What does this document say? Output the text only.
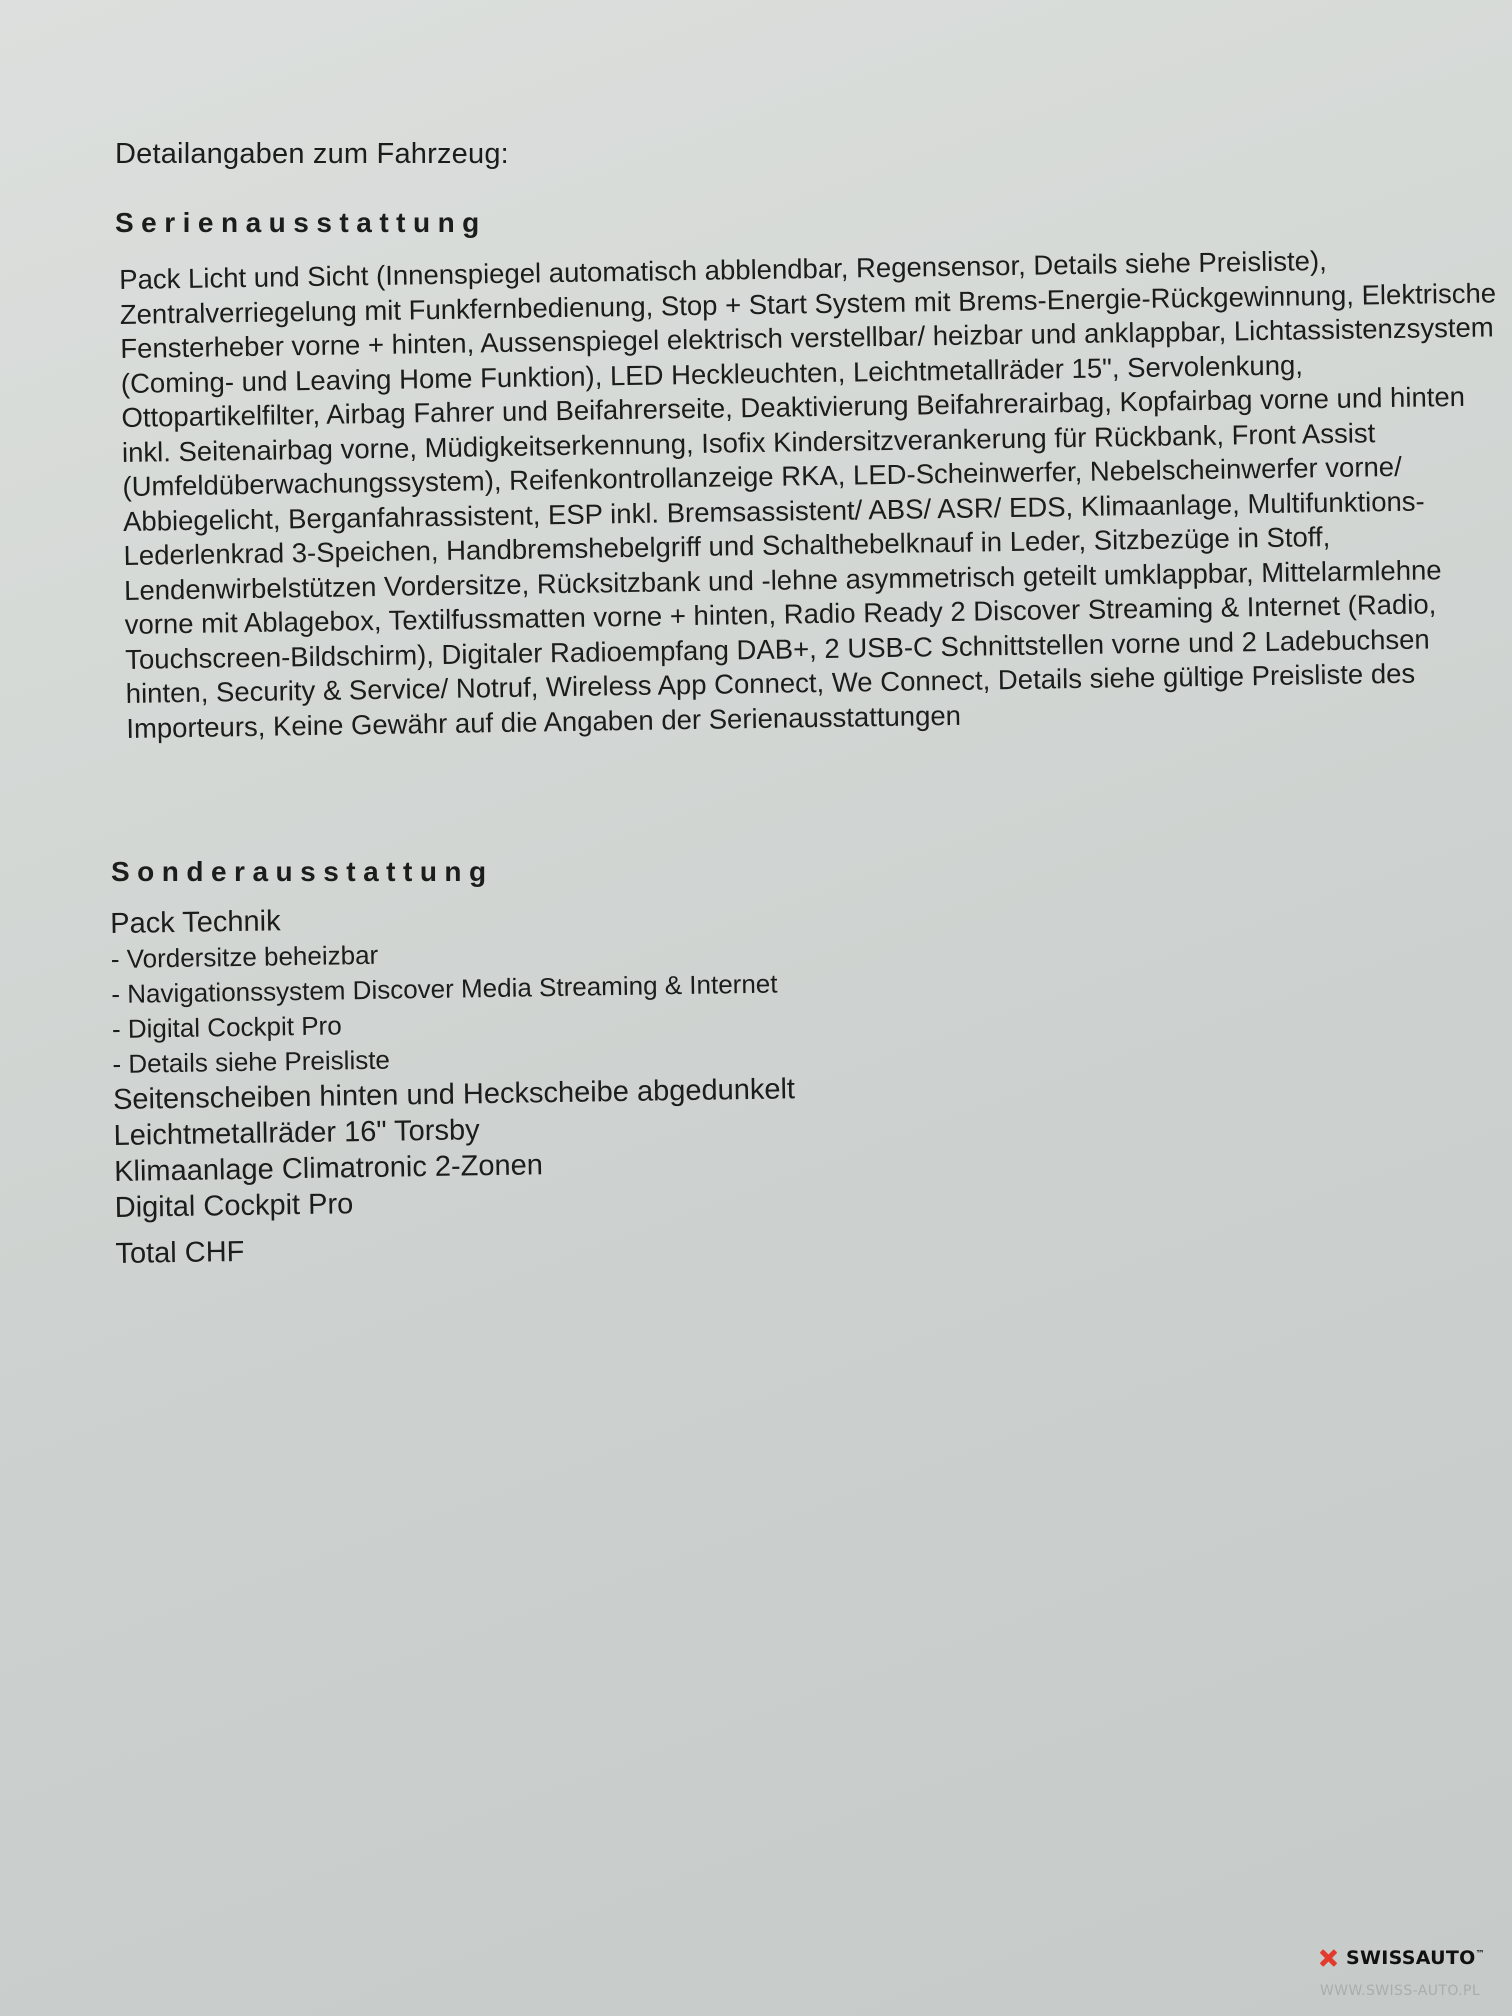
Detailangaben zum Fahrzeug:

Serienausstattung

Pack Licht und Sicht (Innenspiegel automatisch abblendbar, Regensensor, Details siehe Preisliste), Zentralverriegelung mit Funkfernbedienung, Stop + Start System mit Brems-Energie-Rückgewinnung, Elektrische Fensterheber vorne + hinten, Aussenspiegel elektrisch verstellbar/ heizbar und anklappbar, Lichtassistenzsystem (Coming- und Leaving Home Funktion), LED Heckleuchten, Leichtmetallräder 15", Servolenkung, Ottopartikelfilter, Airbag Fahrer und Beifahrerseite, Deaktivierung Beifahrerairbag, Kopfairbag vorne und hinten inkl. Seitenairbag vorne, Müdigkeitserkennung, Isofix Kindersitzverankerung für Rückbank, Front Assist (Umfeldüberwachungssystem), Reifenkontrollanzeige RKA, LED-Scheinwerfer, Nebelscheinwerfer vorne/ Abbiegelicht, Berganfahrassistent, ESP inkl. Bremsassistent/ ABS/ ASR/ EDS, Klimaanlage, Multifunktions-Lederlenkrad 3-Speichen, Handbremshebelgriff und Schalthebelknauf in Leder, Sitzbezüge in Stoff, Lendenwirbelstützen Vordersitze, Rücksitzbank und -lehne asymmetrisch geteilt umklappbar, Mittelarmlehne vorne mit Ablagebox, Textilfussmatten vorne + hinten, Radio Ready 2 Discover Streaming & Internet (Radio, Touchscreen-Bildschirm), Digitaler Radioempfang DAB+, 2 USB-C Schnittstellen vorne und 2 Ladebuchsen hinten, Security & Service/ Notruf, Wireless App Connect, We Connect, Details siehe gültige Preisliste des Importeurs, Keine Gewähr auf die Angaben der Serienausstattungen

Sonderausstattung

Pack Technik

- Vordersitze beheizbar

- Navigationssystem Discover Media Streaming & Internet

- Digital Cockpit Pro

- Details siehe Preisliste

Seitenscheiben hinten und Heckscheibe abgedunkelt

Leichtmetallräder 16" Torsby

Klimaanlage Climatronic 2-Zonen

Digital Cockpit Pro

Total CHF

SWISSAUTO™
WWW.SWISS-AUTO.PL
